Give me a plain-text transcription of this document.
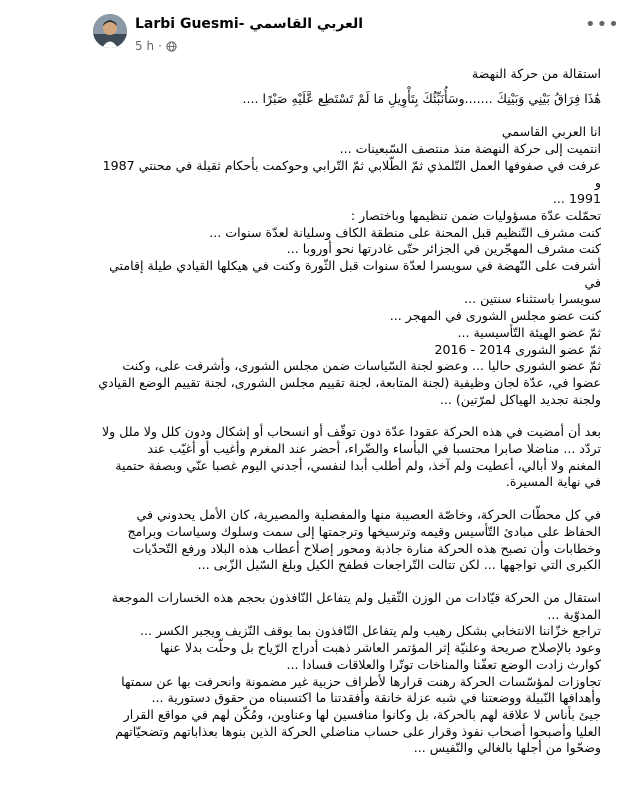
Larbi Guesmi- العربي القاسمي
5 h ·
•••
استقالة من حركة النهضة
هَٰذَا فِرَاقُ بَيْنِي وَبَيْنِكَ .......وسَأُنَبِّئُكَ بِتَأْوِيلِ مَا لَمْ تَسْتَطِع عَّلَيْهِ صَبْرًا ....
انا العربي القاسمي
انتميت إلى حركة النهضة منذ منتصف السّبعينات ...
عرفت في صفوفها العمل التّلمذي ثمّ الطّلابي ثمّ التّرابي وحوكمت بأحكام ثقيلة في محنتي 1987 و
1991 ...
تحمّلت عدّة مسؤوليات ضمن تنظيمها وباختصار :
كنت مشرف التّنظيم قبل المحنة على منطقة الكاف وسليانة لعدّة سنوات ...
كنت مشرف المهجّرين في الجزائر حتّى غادرتها نحو أوروبا ...
أشرفت على النّهضة في سويسرا لعدّة سنوات قبل الثّورة وكنت في هيكلها القيادي طيلة إقامتي في
سويسرا باستثناء سنتين ...
كنت عضو مجلس الشورى في المهجر ...
ثمّ عضو الهيئة التّأسيسية ...
ثمّ عضو الشورى 2014 - 2016
ثمّ عضو الشورى حاليا ... وعضو لجنة السّياسات ضمن مجلس الشورى، وأشرفت على، وكنت
عضوا في، عدّة لجان وظيفية (لجنة المتابعة، لجنة تقييم مجلس الشورى، لجنة تقييم الوضع القيادي
ولجنة تجديد الهياكل لمرّتين) ...
بعد أن أمضيت في هذه الحركة عقودا عدّة دون توقّف أو انسحاب أو إشكال ودون كلل ولا ملل ولا
تردّد ... مناضلا صابرا محتسبا في البأساء والضّراء، أحضر عند المغرم وأغيب أو أغيّب عند
المغنم ولا أبالي، أعطيت ولم آخذ، ولم أطلب أبدا لنفسي، أجدني اليوم غصبا عنّي وبصفة حتمية
في نهاية المسيرة.
في كل محطّات الحركة، وخاصّة العصيبة منها والمفصلية والمصيرية، كان الأمل يحدوني في
الحفاظ على مبادئ التّأسيس وقيمه وترسيخها وترجمتها إلى سمت وسلوك وسياسات وبرامج
وخطابات وأن تصبح هذه الحركة منارة جاذبة ومحور إصلاح أعطاب هذه البلاد ورفع التّحدّيات
الكبرى التي تواجهها ... لكن تتالت التّراجعات فطفح الكيل وبلغ السّيل الزّبى ...
استقال من الحركة قيّادات من الوزن الثّقيل ولم يتفاعل النّافذون بحجم هذه الخسارات الموجعة
المدوّية ...
تراجع خزّاننا الانتخابي بشكل رهيب ولم يتفاعل النّافذون بما يوقف النّزيف ويجبر الكسر ...
وعود بالإصلاح صريحة وعلنيّة إثر المؤتمر العاشر ذهبت أدراج الرّياح بل وحلّت بدلا عنها
كوارث زادت الوضع تعفّنا والمناخات توتّرا والعلاقات فسادا ...
تجاوزات لمؤسّسات الحركة رهنت قرارها لأطراف حزبية غير مضمونة وانحرفت بها عن سمتها
وأهدافها النّبيلة ووضعتنا في شبه عزلة خانقة وأفقدتنا ما اكتسبناه من حقوق دستورية ...
جيئ بأناس لا علاقة لهم بالحركة، بل وكانوا منافسين لها وعناوين، ومُكّن لهم في مواقع القرار
العليا وأصبحوا أصحاب نفوذ وقرار على حساب مناضلي الحركة الذين بنوها بعذاباتهم وتضحيّاتهم
وضحّوا من أجلها بالغالي والنّفيس ...
